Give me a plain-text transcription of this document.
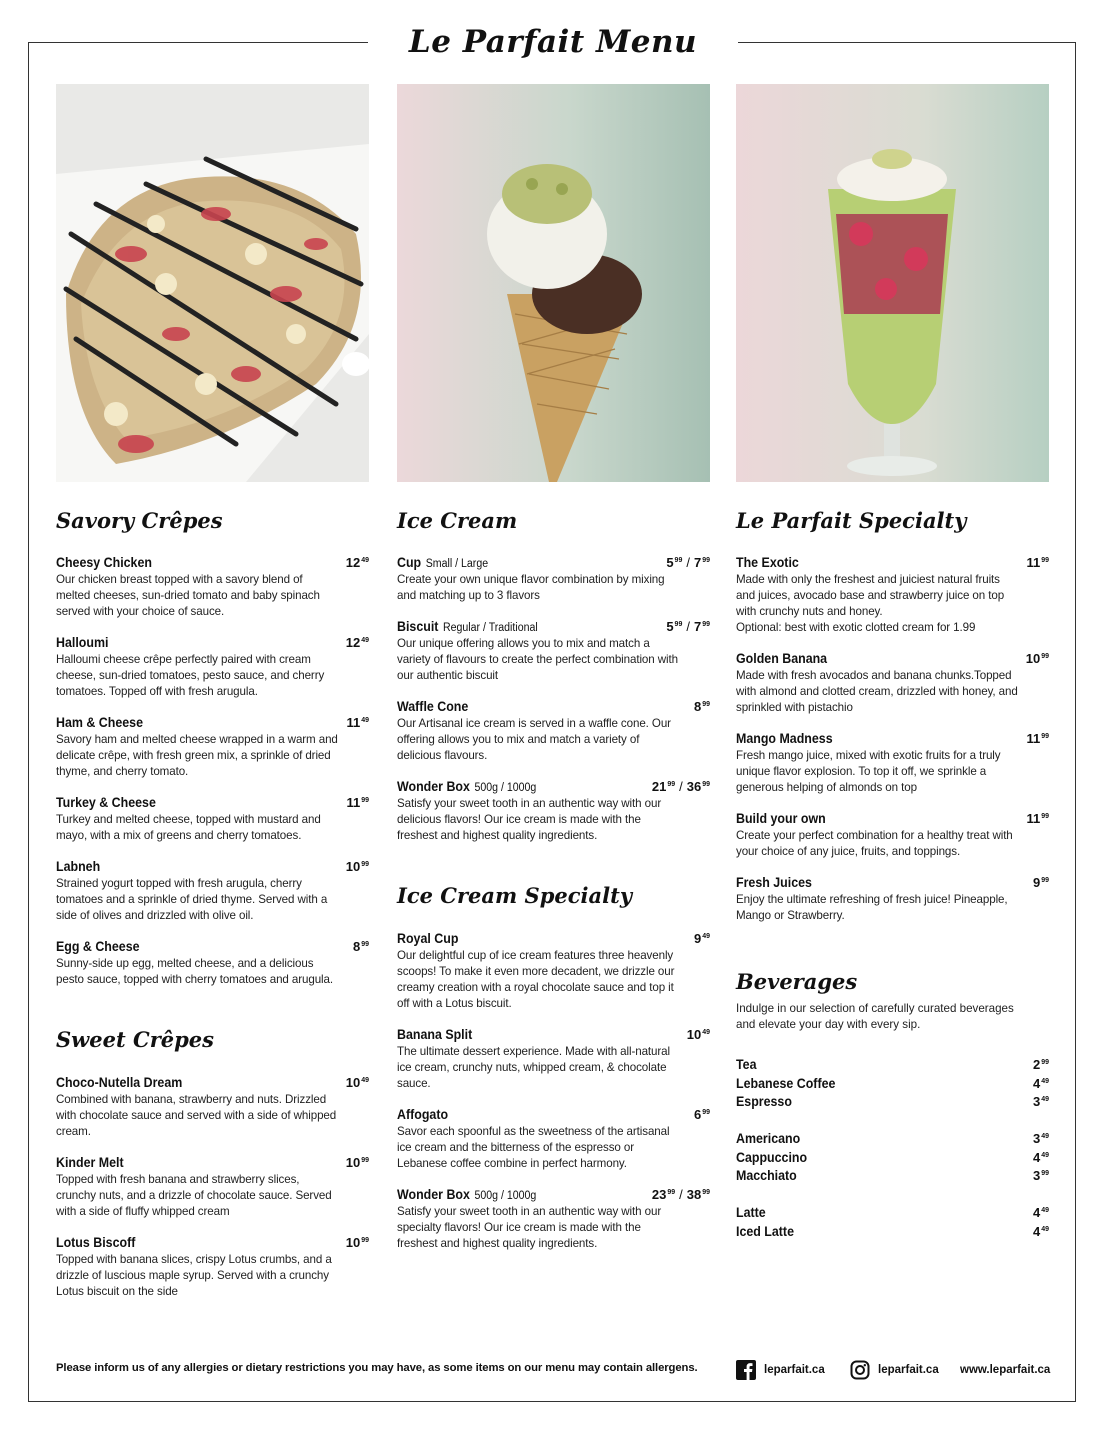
Le Parfait Menu
Savory Crêpes
Sweet Crêpes
Ice Cream
Ice Cream Specialty
Le Parfait Specialty
Beverages
Cheesy Chicken	$12^{49}$
Our chicken breast topped with a savory blend of melted cheeses, sun-dried tomato and baby spinach served with your choice of sauce.
Halloumi	$12^{49}$
Halloumi cheese crêpe perfectly paired with cream cheese, sun-dried tomatoes, pesto sauce, and cherry tomatoes. Topped off with fresh arugula.
Ham & Cheese	$11^{49}$
Savory ham and melted cheese wrapped in a warm and delicate crêpe, with fresh green mix, a sprinkle of dried thyme, and cherry tomato.
Turkey & Cheese	$11^{99}$
Turkey and melted cheese, topped with mustard and mayo, with a mix of greens and cherry tomatoes.
Labneh	$10^{99}$
Strained yogurt topped with fresh arugula, cherry tomatoes and a sprinkle of dried thyme. Served with a side of olives and drizzled with olive oil.
Egg & Cheese	$8^{99}$
Sunny-side up egg, melted cheese, and a delicious pesto sauce, topped with cherry tomatoes and arugula.
Choco-Nutella Dream	$10^{49}$
Combined with banana, strawberry and nuts. Drizzled with chocolate sauce and served with a side of whipped cream.
Kinder Melt	$10^{99}$
Topped with fresh banana and strawberry slices, crunchy nuts, and a drizzle of chocolate sauce. Served with a side of fluffy whipped cream
Lotus Biscoff	$10^{99}$
Topped with banana slices, crispy Lotus crumbs, and a drizzle of luscious maple syrup. Served with a crunchy Lotus biscuit on the side
Cup Small / Large	$5^{99} / 7^{99}$
Create your own unique flavor combination by mixing and matching up to 3 flavors
Biscuit Regular / Traditional	$5^{99} / 7^{99}$
Our unique offering allows you to mix and match a variety of flavours to create the perfect combination with our authentic biscuit
Waffle Cone	$8^{99}$
Our Artisanal ice cream is served in a waffle cone. Our offering allows you to mix and match a variety of delicious flavours.
Wonder Box 500g / 1000g	$21^{99} / 36^{99}$
Satisfy your sweet tooth in an authentic way with our delicious flavors! Our ice cream is made with the freshest and highest quality ingredients.
Royal Cup	$9^{49}$
Our delightful cup of ice cream features three heavenly scoops! To make it even more decadent, we drizzle our creamy creation with a royal chocolate sauce and top it off with a Lotus biscuit.
Banana Split	$10^{49}$
The ultimate dessert experience. Made with all-natural ice cream, crunchy nuts, whipped cream, & chocolate sauce.
Affogato	$6^{99}$
Savor each spoonful as the sweetness of the artisanal ice cream and the bitterness of the espresso or Lebanese coffee combine in perfect harmony.
Wonder Box 500g / 1000g	$23^{99} / 38^{99}$
Satisfy your sweet tooth in an authentic way with our specialty flavors! Our ice cream is made with the freshest and highest quality ingredients.
The Exotic	$11^{99}$
Made with only the freshest and juiciest natural fruits and juices, avocado base and strawberry juice on top with crunchy nuts and honey.
Optional: best with exotic clotted cream for 1.99
Golden Banana	$10^{99}$
Made with fresh avocados and banana chunks.Topped with almond and clotted cream, drizzled with honey, and sprinkled with pistachio
Mango Madness	$11^{99}$
Fresh mango juice, mixed with exotic fruits for a truly unique flavor explosion. To top it off, we sprinkle a generous helping of almonds on top
Build your own	$11^{99}$
Create your perfect combination for a healthy treat with your choice of any juice, fruits, and toppings.
Fresh Juices	$9^{99}$
Enjoy the ultimate refreshing of fresh juice! Pineapple, Mango or Strawberry.
Indulge in our selection of carefully curated beverages and elevate your day with every sip.
Tea	$2^{99}$
Lebanese Coffee	$4^{49}$
Espresso	$3^{49}$
Americano	$3^{49}$
Cappuccino	$4^{49}$
Macchiato	$3^{99}$
Latte	$4^{49}$
Iced Latte	$4^{49}$
Please inform us of any allergies or dietary restrictions you may have, as some items on our menu may contain allergens.	leparfait.ca	leparfait.ca www.leparfait.ca
